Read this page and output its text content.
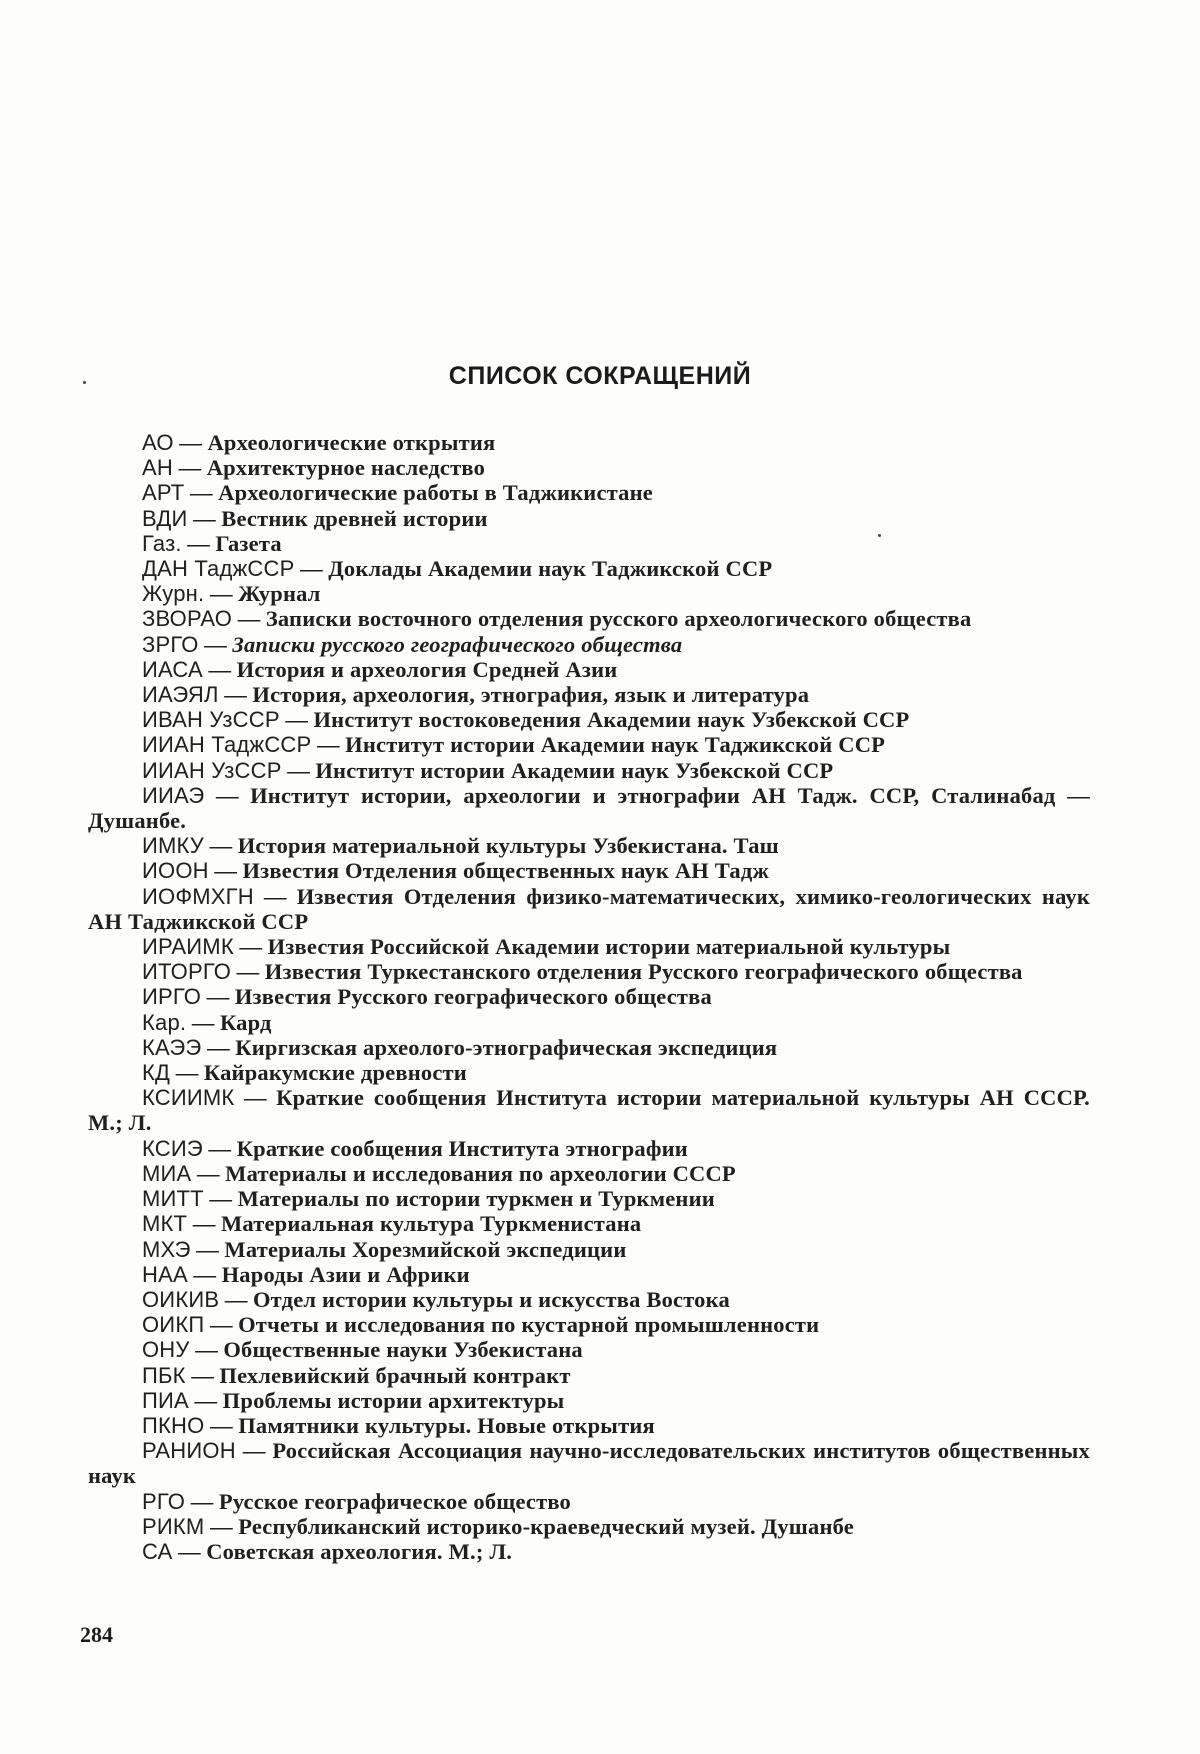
СПИСОК СОКРАЩЕНИЙ
АО — Археологические открытия
АН — Архитектурное наследство
АРТ — Археологические работы в Таджикистане
ВДИ — Вестник древней истории
Газ. — Газета
ДАН ТаджССР — Доклады Академии наук Таджикской ССР
Журн. — Журнал
ЗВОРАО — Записки восточного отделения русского археологического общества
ЗРГО — Записки русского географического общества
ИАСА — История и археология Средней Азии
ИАЭЯЛ — История, археология, этнография, язык и литература
ИВАН УзССР — Институт востоковедения Академии наук Узбекской ССР
ИИАН ТаджССР — Институт истории Академии наук Таджикской ССР
ИИАН УзССР — Институт истории Академии наук Узбекской ССР
ИИАЭ — Институт истории, археологии и этнографии АН Тадж. ССР, Сталинабад — Душанбе.
ИМКУ — История материальной культуры Узбекистана. Таш
ИООН — Известия Отделения общественных наук АН Тадж
ИОФМХГН — Известия Отделения физико-математических, химико-геологических наук АН Таджикской ССР
ИРАИМК — Известия Российской Академии истории материальной культуры
ИТОРГО — Известия Туркестанского отделения Русского географического общества
ИРГО — Известия Русского географического общества
Кар. — Кард
КАЭЭ — Киргизская археолого-этнографическая экспедиция
КД — Кайракумские древности
КСИИМК — Краткие сообщения Института истории материальной культуры АН СССР. М.; Л.
КСИЭ — Краткие сообщения Института этнографии
МИА — Материалы и исследования по археологии СССР
МИТТ — Материалы по истории туркмен и Туркмении
МКТ — Материальная культура Туркменистана
МХЭ — Материалы Хорезмийской экспедиции
НАА — Народы Азии и Африки
ОИКИВ — Отдел истории культуры и искусства Востока
ОИКП — Отчеты и исследования по кустарной промышленности
ОНУ — Общественные науки Узбекистана
ПБК — Пехлевийский брачный контракт
ПИА — Проблемы истории архитектуры
ПКНО — Памятники культуры. Новые открытия
РАНИОН — Российская Ассоциация научно-исследовательских институтов общественных наук
РГО — Русское географическое общество
РИКМ — Республиканский историко-краеведческий музей. Душанбе
СА — Советская археология. М.; Л.
284
